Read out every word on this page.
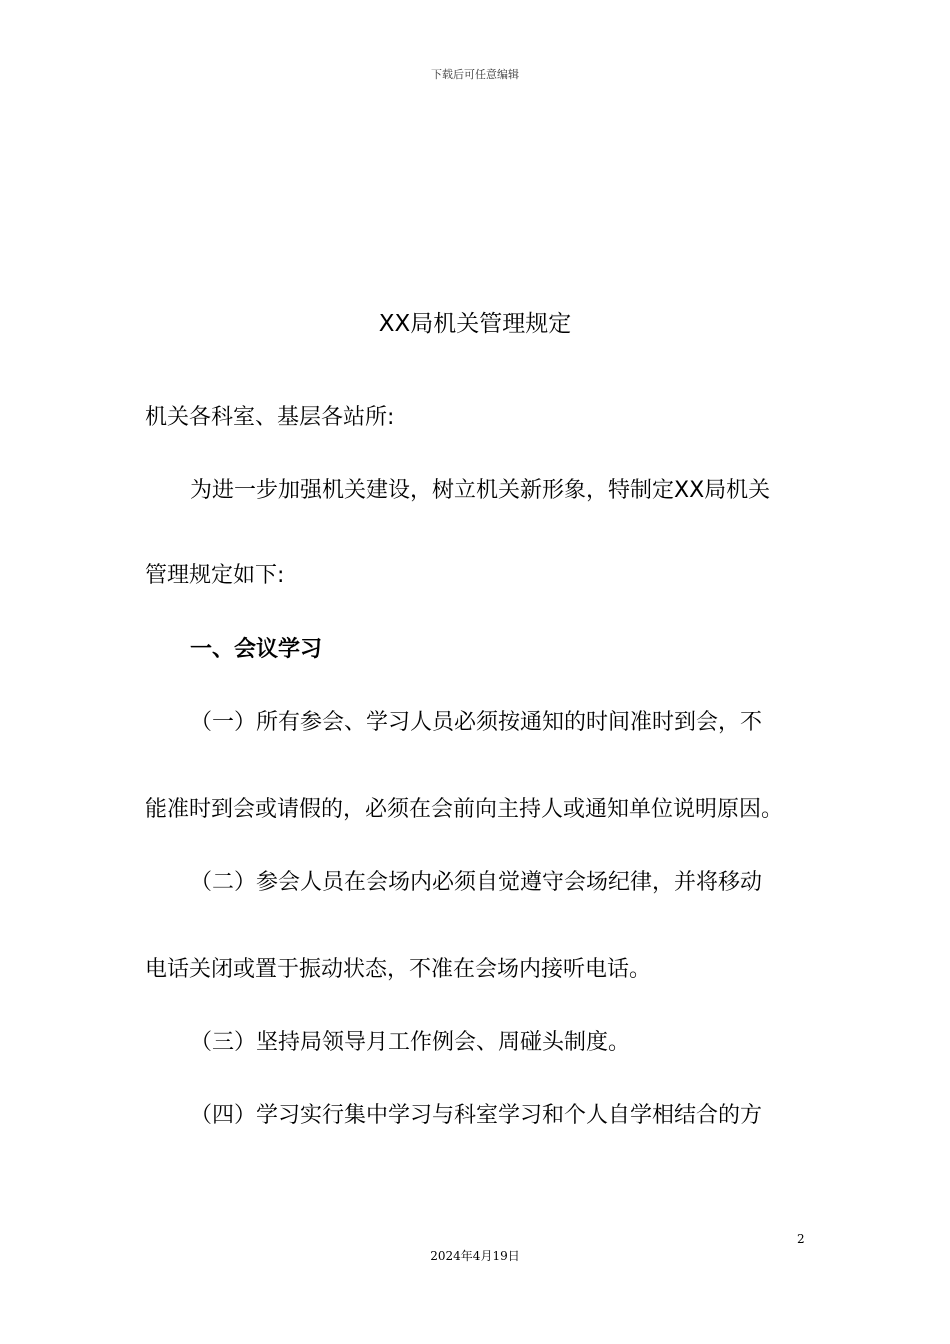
下载后可任意编辑
XX局机关管理规定
机关各科室、基层各站所:
为进一步加强机关建设，树立机关新形象，特制定XX局机关
管理规定如下:
一、会议学习
（一）所有参会、学习人员必须按通知的时间准时到会，不
能准时到会或请假的，必须在会前向主持人或通知单位说明原因。
（二）参会人员在会场内必须自觉遵守会场纪律，并将移动
电话关闭或置于振动状态，不准在会场内接听电话。
（三）坚持局领导月工作例会、周碰头制度。
（四）学习实行集中学习与科室学习和个人自学相结合的方
2
2024年4月19日
